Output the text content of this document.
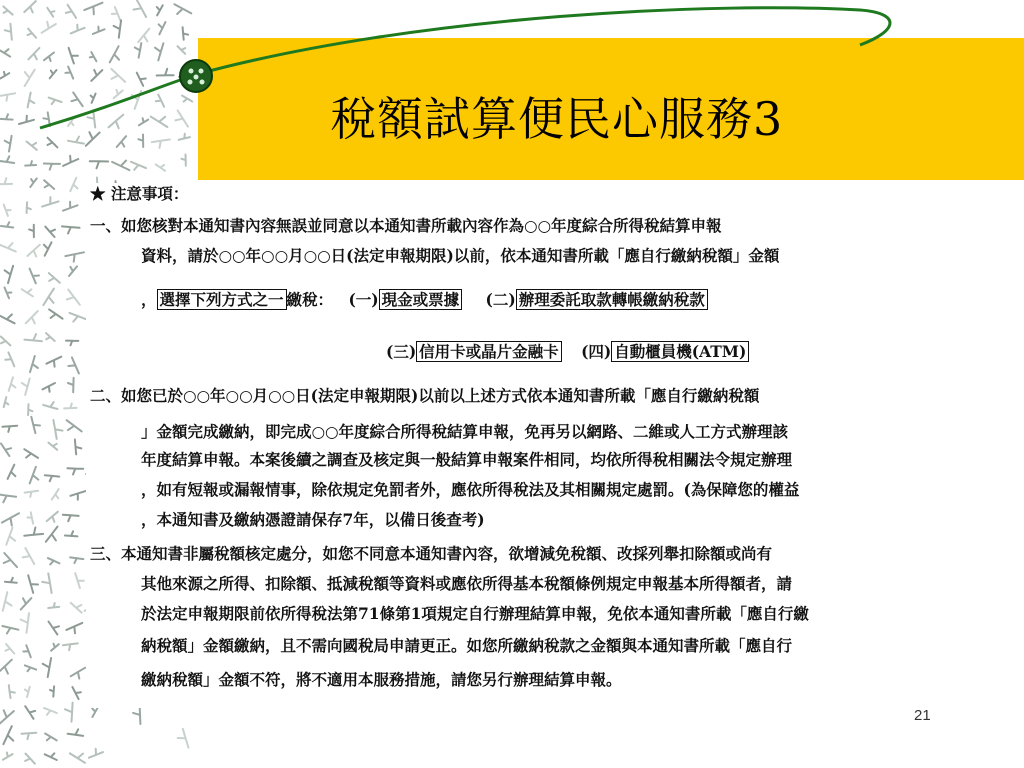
稅額試算便民心服務3
★ 注意事項：
一、如您核對本通知書內容無誤並同意以本通知書所載內容作為○○年度綜合所得稅結算申報
資料，請於○○年○○月○○日(法定申報期限)以前，依本通知書所載「應自行繳納稅額」金額
， 選擇下列方式之一 繳稅： (一) 現金或票據 (二) 辦理委託取款轉帳繳納稅款
(三) 信用卡或晶片金融卡 (四) 自動櫃員機(ATM)
二、如您已於○○年○○月○○日(法定申報期限)以前以上述方式依本通知書所載「應自行繳納稅額
」金額完成繳納，即完成○○年度綜合所得稅結算申報，免再另以網路、二維或人工方式辦理該
年度結算申報。本案後續之調查及核定與一般結算申報案件相同，均依所得稅相關法令規定辦理
，如有短報或漏報情事，除依規定免罰者外，應依所得稅法及其相關規定處罰。(為保障您的權益
，本通知書及繳納憑證請保存7年，以備日後查考)
三、本通知書非屬稅額核定處分，如您不同意本通知書內容，欲增減免稅額、改採列舉扣除額或尚有
其他來源之所得、扣除額、抵減稅額等資料或應依所得基本稅額條例規定申報基本所得額者，請
於法定申報期限前依所得稅法第71條第1項規定自行辦理結算申報，免依本通知書所載「應自行繳
納稅額」金額繳納，且不需向國稅局申請更正。如您所繳納稅款之金額與本通知書所載「應自行
繳納稅額」金額不符，將不適用本服務措施，請您另行辦理結算申報。
21
